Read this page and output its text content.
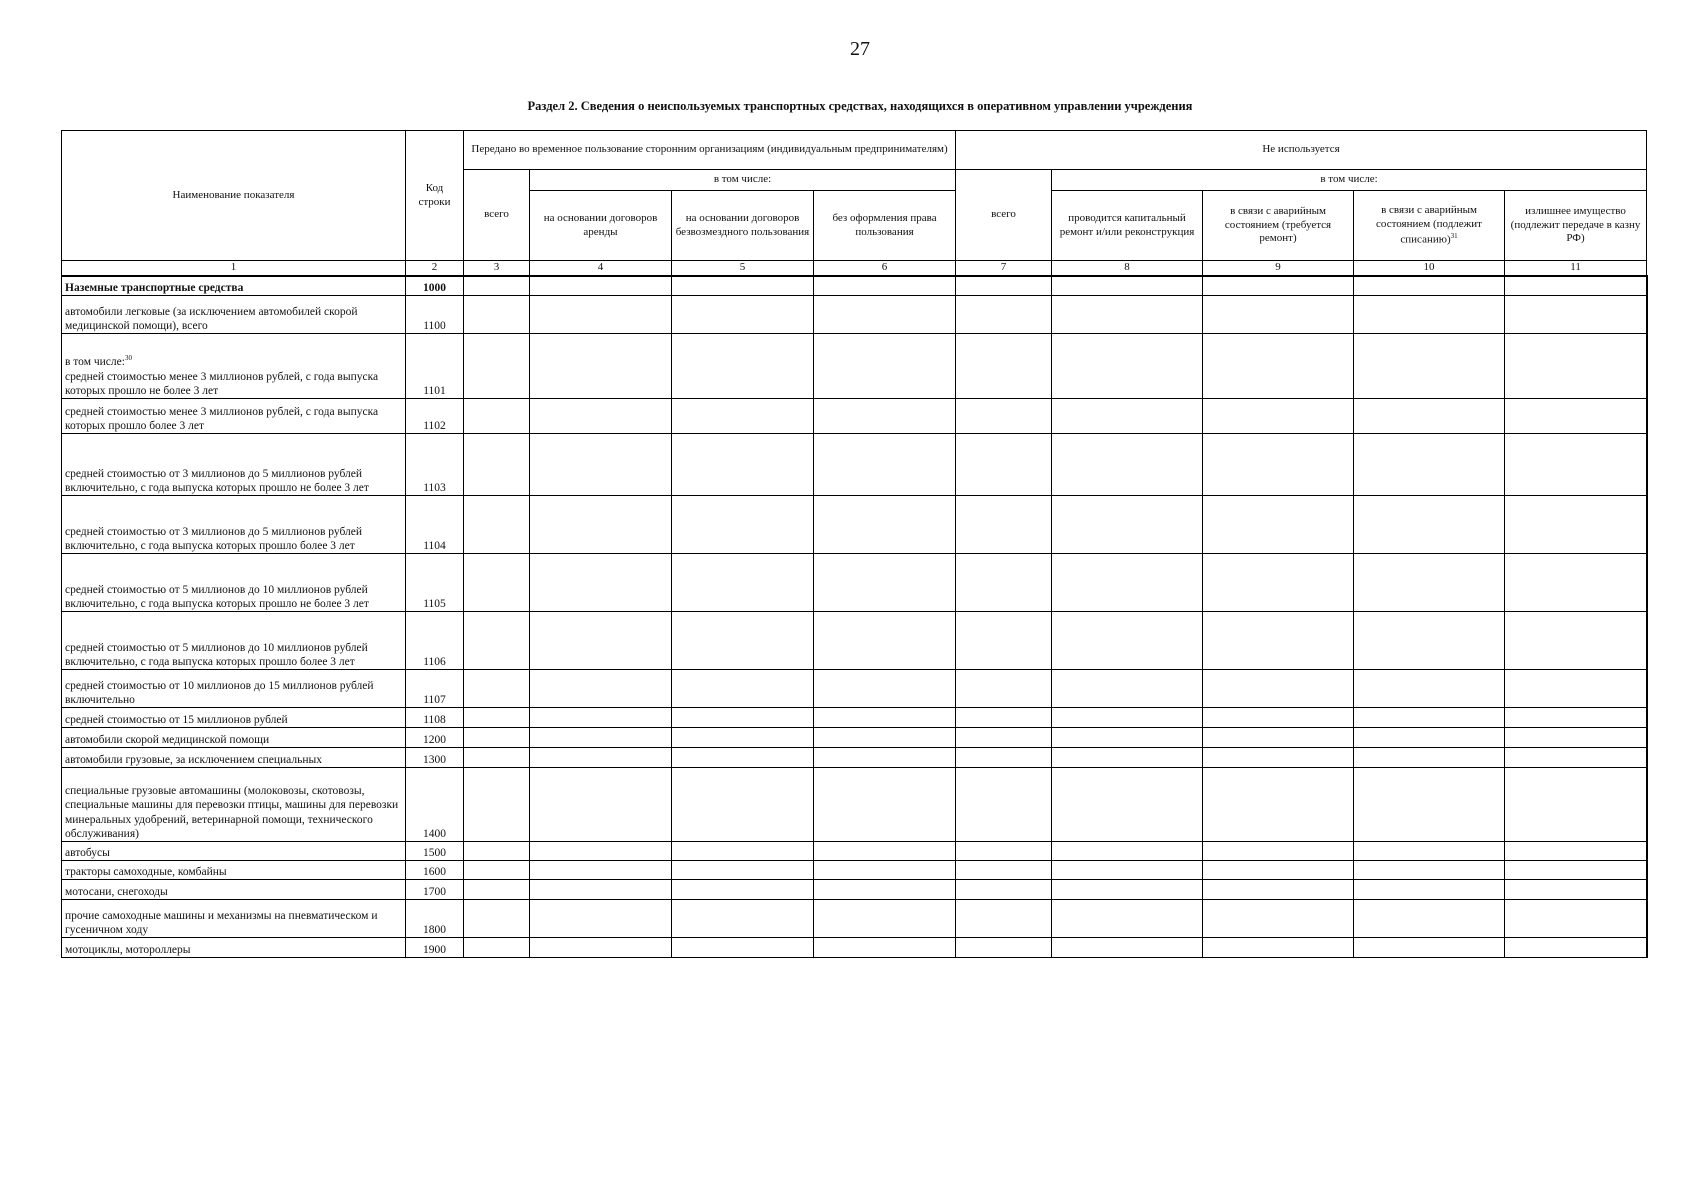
27
Раздел 2. Сведения о неиспользуемых транспортных средствах, находящихся в оперативном управлении учреждения
Наименование показателя	Код строки	Передано во временное пользование сторонним организациям (индивидуальным предпринимателям)				Не используется				
		всего	в том числе:			всего	в том числе:			
			на основании договоров аренды	на основании договоров безвозмездного пользования	без оформления права пользования		проводится капитальный ремонт и/или реконструкция	в связи с аварийным состоянием (требуется ремонт)	в связи с аварийным состоянием (подлежит списанию)$^{31}$	излишнее имущество (подлежит передаче в казну РФ)
1	2	3	4	5	6	7	8	9	10	11
Наземные транспортные средства	1000									
автомобили легковые (за исключением автомобилей скорой медицинской помощи), всего	1100									

в том числе:$^{30}$
средней стоимостью менее 3 миллионов рублей, с года выпуска которых прошло не более 3 лет	1101									
средней стоимостью менее 3 миллионов рублей, с года выпуска которых прошло более 3 лет	1102									
средней стоимостью от 3 миллионов до 5 миллионов рублей включительно, с года выпуска которых прошло не более 3 лет	1103									
средней стоимостью от 3 миллионов до 5 миллионов рублей включительно, с года выпуска которых прошло более 3 лет	1104									
средней стоимостью от 5 миллионов до 10 миллионов рублей включительно, с года выпуска которых прошло не более 3 лет	1105									
средней стоимостью от 5 миллионов до 10 миллионов рублей включительно, с года выпуска которых прошло более 3 лет	1106									
средней стоимостью от 10 миллионов до 15 миллионов рублей включительно	1107									
средней стоимостью от 15 миллионов рублей	1108									
автомобили скорой медицинской помощи	1200									
автомобили грузовые, за исключением специальных	1300									
специальные грузовые автомашины (молоковозы, скотовозы, специальные машины для перевозки птицы, машины для перевозки минеральных удобрений, ветеринарной помощи, технического обслуживания)	1400									
автобусы	1500									
тракторы самоходные, комбайны	1600									
мотосани, снегоходы	1700									
прочие самоходные машины и механизмы на пневматическом и гусеничном ходу	1800									
мотоциклы, мотороллеры	1900									
